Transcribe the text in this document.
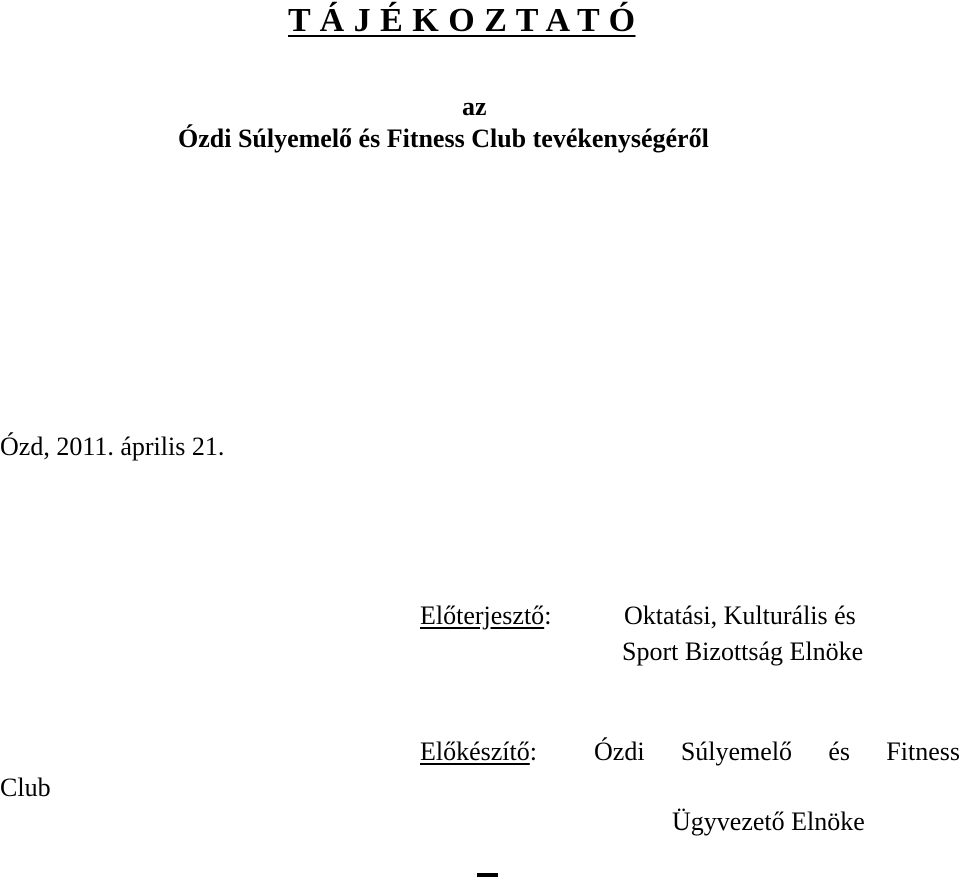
T Á J É K O Z T A T Ó
az
Ózdi Súlyemelő és Fitness Club tevékenységéről
Ózd, 2011. április 21.
Előterjesztő:	Oktatási, Kulturális és
Sport Bizottság Elnöke
Előkészítő: Ózdi Súlyemelő és Fitness
Club
Ügyvezető Elnöke
